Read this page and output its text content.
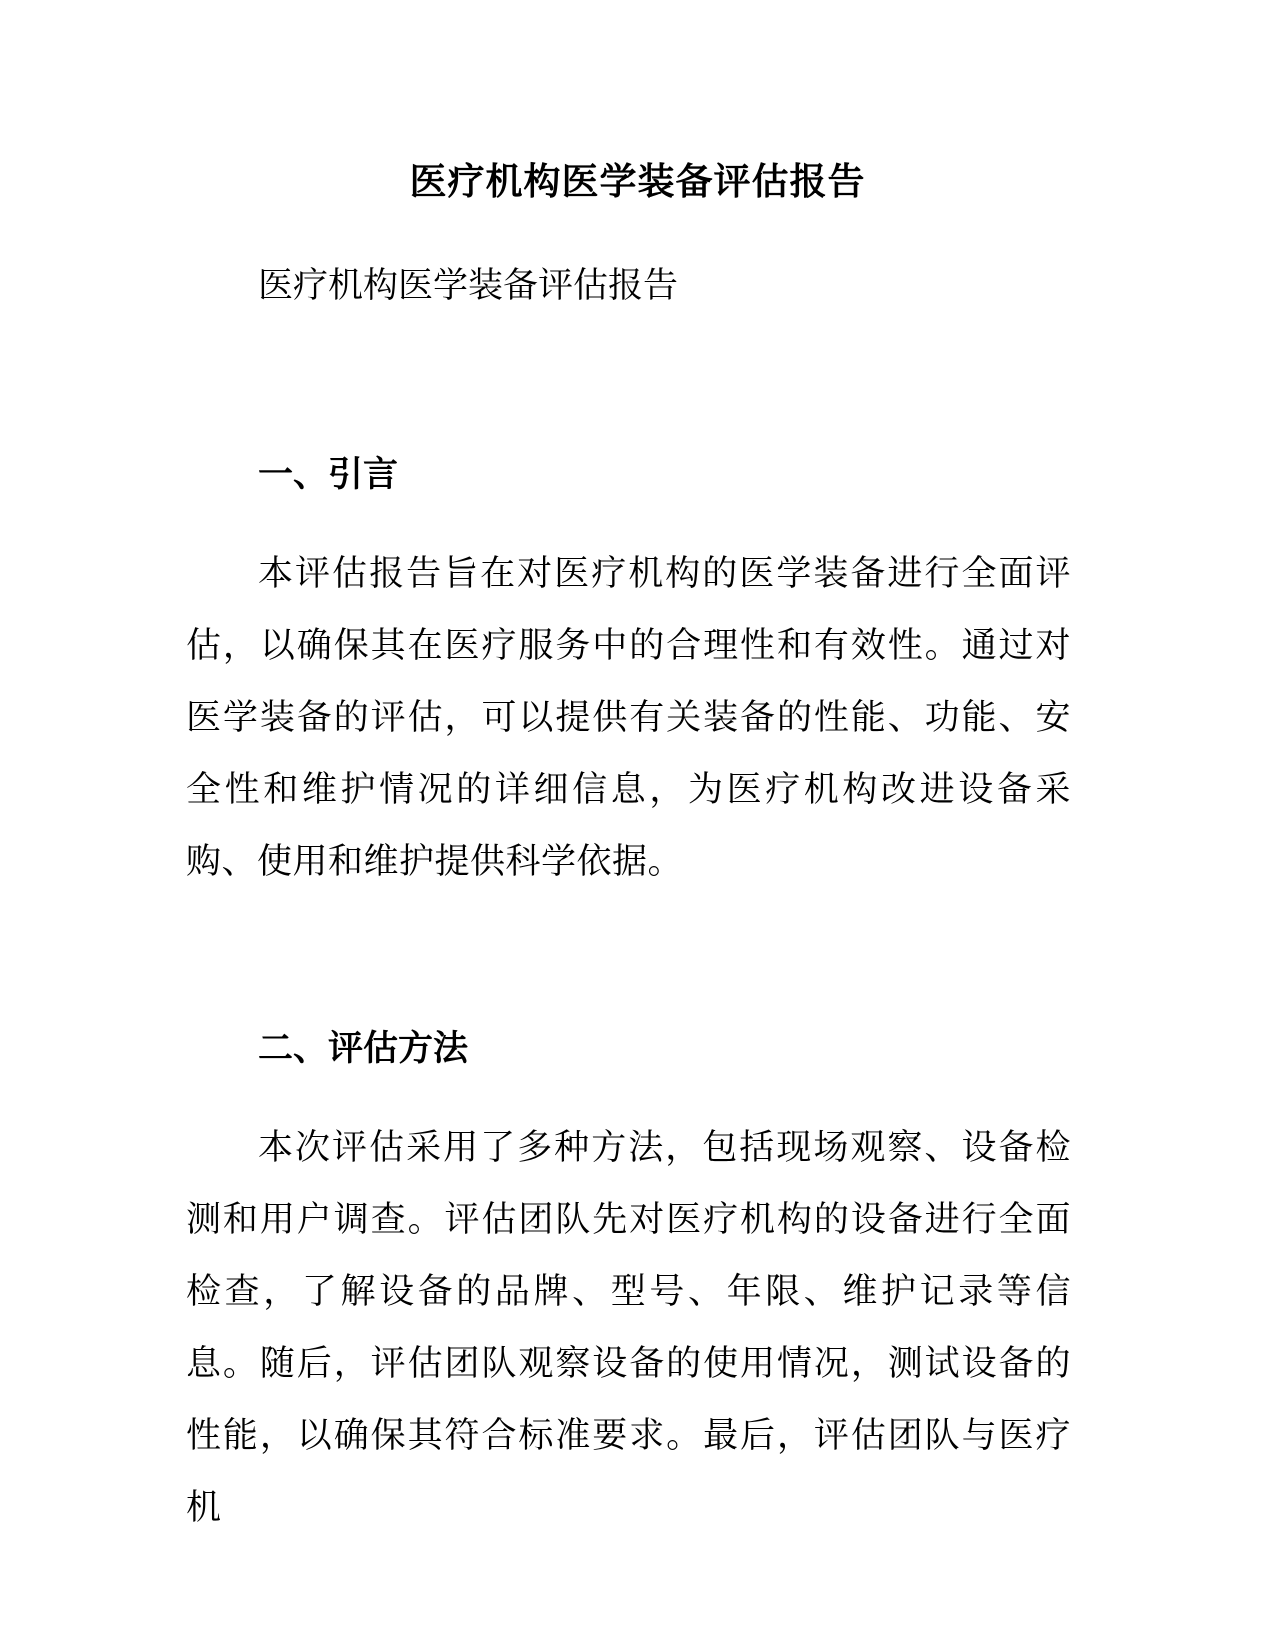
医疗机构医学装备评估报告

医疗机构医学装备评估报告

一、引言

本评估报告旨在对医疗机构的医学装备进行全面评估，以确保其在医疗服务中的合理性和有效性。通过对医学装备的评估，可以提供有关装备的性能、功能、安全性和维护情况的详细信息，为医疗机构改进设备采购、使用和维护提供科学依据。

二、评估方法

本次评估采用了多种方法，包括现场观察、设备检测和用户调查。评估团队先对医疗机构的设备进行全面检查，了解设备的品牌、型号、年限、维护记录等信息。随后，评估团队观察设备的使用情况，测试设备的性能，以确保其符合标准要求。最后，评估团队与医疗机
